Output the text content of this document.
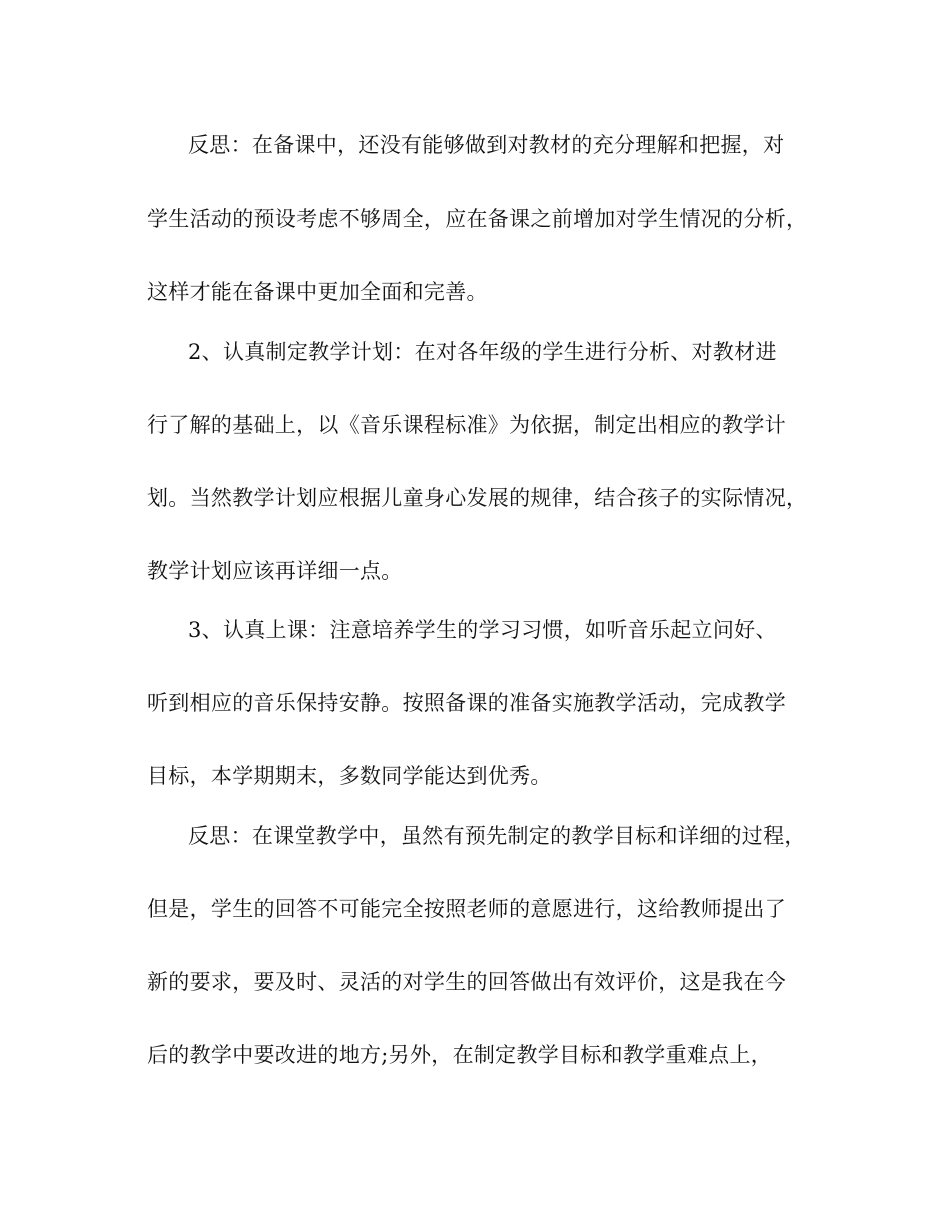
反思：在备课中，还没有能够做到对教材的充分理解和把握，对
学生活动的预设考虑不够周全，应在备课之前增加对学生情况的分析，
这样才能在备课中更加全面和完善。
2、认真制定教学计划：在对各年级的学生进行分析、对教材进
行了解的基础上，以《音乐课程标准》为依据，制定出相应的教学计
划。当然教学计划应根据儿童身心发展的规律，结合孩子的实际情况，
教学计划应该再详细一点。
3、认真上课：注意培养学生的学习习惯，如听音乐起立问好、
听到相应的音乐保持安静。按照备课的准备实施教学活动，完成教学
目标，本学期期末，多数同学能达到优秀。
反思：在课堂教学中，虽然有预先制定的教学目标和详细的过程，
但是，学生的回答不可能完全按照老师的意愿进行，这给教师提出了
新的要求，要及时、灵活的对学生的回答做出有效评价，这是我在今
后的教学中要改进的地方;另外，在制定教学目标和教学重难点上，
